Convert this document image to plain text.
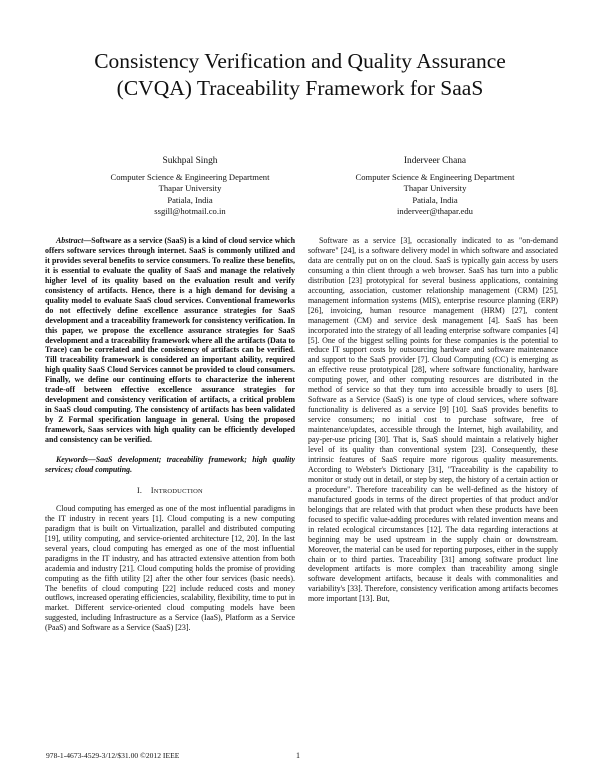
Consistency Verification and Quality Assurance
(CVQA) Traceability Framework for SaaS
Sukhpal Singh
Computer Science & Engineering Department
Thapar University
Patiala, India
ssgill@hotmail.co.in
Inderveer Chana
Computer Science & Engineering Department
Thapar University
Patiala, India
inderveer@thapar.edu

Abstract—Software as a service (SaaS) is a kind of cloud service which offers software services through internet. SaaS is commonly utilized and it provides several benefits to service consumers. To realize these benefits, it is essential to evaluate the quality of SaaS and manage the relatively higher level of its quality based on the evaluation result and verify consistency of artifacts. Hence, there is a high demand for devising a quality model to evaluate SaaS cloud services. Conventional frameworks do not effectively define excellence assurance strategies for SaaS development and a traceability framework for consistency verification. In this paper, we propose the excellence assurance strategies for SaaS development and a traceability framework where all the artifacts (Data to Trace) can be correlated and the consistency of artifacts can be verified. Till traceability framework is considered an important ability, required high quality SaaS Cloud Services cannot be provided to cloud consumers. Finally, we define our continuing efforts to characterize the inherent trade-off between effective excellence assurance strategies for development and consistency verification of artifacts, a critical problem in SaaS cloud computing. The consistency of artifacts has been validated by Z Formal specification language in general. Using the proposed framework, Saas services with high quality can be efficiently developed and consistency can be verified.

Keywords—SaaS development; traceability framework; high quality services; cloud computing.

I. INTRODUCTION

Cloud computing has emerged as one of the most influential paradigms in the IT industry in recent years [1]. Cloud computing is a new computing paradigm that is built on Virtualization, parallel and distributed computing [19], utility computing, and service-oriented architecture [12, 20]. In the last several years, cloud computing has emerged as one of the most influential paradigms in the IT industry, and has attracted extensive attention from both academia and industry [21]. Cloud computing holds the promise of providing computing as the fifth utility [2] after the other four services (basic needs). The benefits of cloud computing [22] include reduced costs and money outflows, increased operating efficiencies, scalability, flexibility, time to put in market. Different service-oriented cloud computing models have been suggested, including Infrastructure as a Service (IaaS), Platform as a Service (PaaS) and Software as a Service (SaaS) [23].

Software as a service [3], occasionally indicated to as "on-demand software" [24], is a software delivery model in which software and associated data are centrally put on on the cloud. SaaS is typically gain access by users consuming a thin client through a web browser. SaaS has turn into a public distribution [23] prototypical for several business applications, containing accounting, association, customer relationship management (CRM) [25], management information systems (MIS), enterprise resource planning (ERP) [26], invoicing, human resource management (HRM) [27], content management (CM) and service desk management [4]. SaaS has been incorporated into the strategy of all leading enterprise software companies [4] [5]. One of the biggest selling points for these companies is the potential to reduce IT support costs by outsourcing hardware and software maintenance and support to the SaaS provider [7]. Cloud Computing (CC) is emerging as an effective reuse prototypical [28], where software functionality, hardware computing power, and other computing resources are distributed in the method of service so that they turn into accessible broadly to users [8]. Software as a Service (SaaS) is one type of cloud services, where software functionality is delivered as a service [9] [10]. SaaS provides benefits to service consumers; no initial cost to purchase software, free of maintenance/updates, accessible through the Internet, high availability, and pay-per-use pricing [30]. That is, SaaS should maintain a relatively higher level of its quality than conventional system [23]. Consequently, these intrinsic features of SaaS require more rigorous quality measurements. According to Webster's Dictionary [31], "Traceability is the capability to monitor or study out in detail, or step by step, the history of a certain action or a procedure". Therefore traceability can be well-defined as the history of manufactured goods in terms of the direct properties of that product and/or belongings that are related with that product when these products have been focused to specific value-adding procedures with related invention means and in related ecological circumstances [12]. The data regarding interactions at beginning may be used upstream in the supply chain or downstream. Moreover, the material can be used for reporting purposes, either in the supply chain or to third parties. Traceability [31] among software product line development artifacts is more complex than traceability among single software development artifacts, because it deals with commonalities and variability's [33]. Therefore, consistency verification among artifacts becomes more important [13]. But,

978-1-4673-4529-3/12/$31.00 ©2012 IEEE	1
